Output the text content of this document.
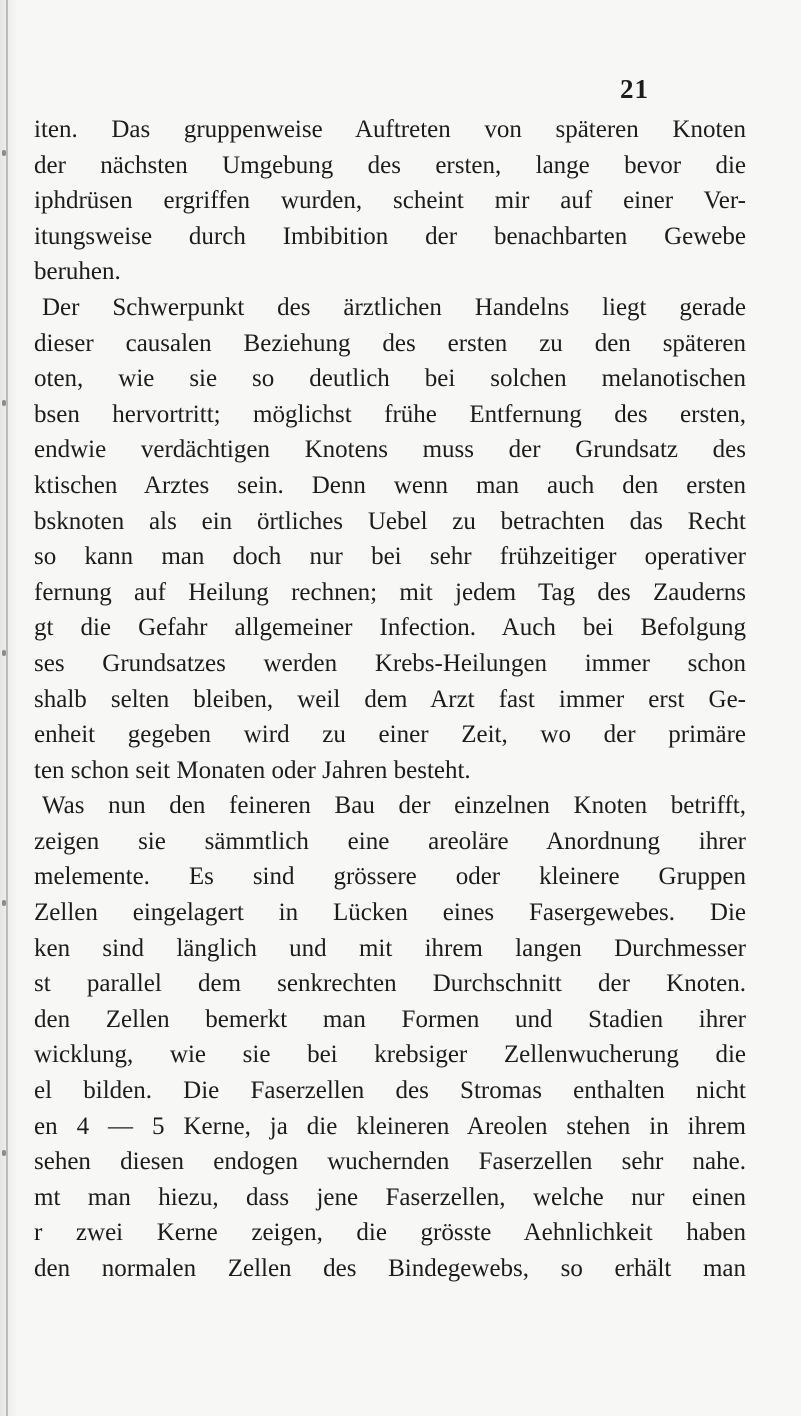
21
iten. Das gruppenweise Auftreten von späteren Knoten
der nächsten Umgebung des ersten, lange bevor die
iphdrüsen ergriffen wurden, scheint mir auf einer Ver-
itungsweise durch Imbibition der benachbarten Gewebe
beruhen.
Der Schwerpunkt des ärztlichen Handelns liegt gerade
dieser causalen Beziehung des ersten zu den späteren
oten, wie sie so deutlich bei solchen melanotischen
bsen hervortritt; möglichst frühe Entfernung des ersten,
endwie verdächtigen Knotens muss der Grundsatz des
ktischen Arztes sein. Denn wenn man auch den ersten
bsknoten als ein örtliches Uebel zu betrachten das Recht
so kann man doch nur bei sehr frühzeitiger operativer
fernung auf Heilung rechnen; mit jedem Tag des Zauderns
gt die Gefahr allgemeiner Infection. Auch bei Befolgung
ses Grundsatzes werden Krebs-Heilungen immer schon
shalb selten bleiben, weil dem Arzt fast immer erst Ge-
enheit gegeben wird zu einer Zeit, wo der primäre
ten schon seit Monaten oder Jahren besteht.
Was nun den feineren Bau der einzelnen Knoten betrifft,
zeigen sie sämmtlich eine areoläre Anordnung ihrer
melemente. Es sind grössere oder kleinere Gruppen
Zellen eingelagert in Lücken eines Fasergewebes. Die
ken sind länglich und mit ihrem langen Durchmesser
st parallel dem senkrechten Durchschnitt der Knoten.
den Zellen bemerkt man Formen und Stadien ihrer
wicklung, wie sie bei krebsiger Zellenwucherung die
el bilden. Die Faserzellen des Stromas enthalten nicht
en 4 — 5 Kerne, ja die kleineren Areolen stehen in ihrem
sehen diesen endogen wuchernden Faserzellen sehr nahe.
mt man hiezu, dass jene Faserzellen, welche nur einen
r zwei Kerne zeigen, die grösste Aehnlichkeit haben
den normalen Zellen des Bindegewebs, so erhält man
